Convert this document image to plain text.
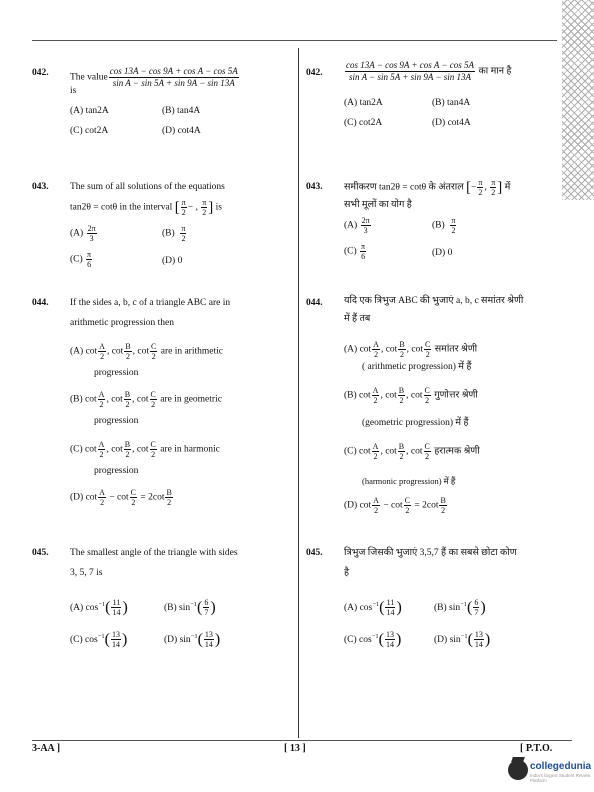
042. The value $\frac{\text{cos 13A − cos 9A + cos A − cos 5A}}{\text{sin A − sin 5A + sin 9A − sin 13A}}$
is
(A) tan2A	(B) tan4A
(C) cot2A	(D) cot4A
042. $\frac{\text{cos 13A − cos 9A + cos A − cos 5A}}{\text{sin A − sin 5A + sin 9A − sin 13A}}$ का मान है
(A) tan2A	(B) tan4A
(C) cot2A	(D) cot4A
043. The sum of all solutions of the equations
tan2θ = cotθ in the interval [ $\frac{\pi}{2}$ − , $\frac{\pi}{2}$ ] is
$(A) \frac{2\pi}{3}$	$(B) \frac{\pi}{2}$
$(C) \frac{\pi}{6}$	(D) 0
043. समीकरण tan2θ = cotθ के अंतराल [− $\frac{\pi}{2}$ , $\frac{\pi}{2}$ ] में
सभी मूलों का योग है
$(A) \frac{2\pi}{3}$	$(B) \frac{\pi}{2}$
$(C) \frac{\pi}{6}$	(D) 0
044. If the sides a, b, c of a triangle ABC are in
arithmetic progression then
(A) $\cot \frac{A}{2}$ , $\cot \frac{B}{2}$ , $\cot \frac{C}{2}$ are in arithmetic
progression
(B) $\cot \frac{A}{2}$ , $\cot \frac{B}{2}$ , $\cot \frac{C}{2}$ are in geometric
progression
(C) $\cot \frac{A}{2}$ , $\cot \frac{B}{2}$ , $\cot \frac{C}{2}$ are in harmonic
progression
(D) $\cot \frac{A}{2} - \cot \frac{C}{2} = 2\cot \frac{B}{2}$
044. यदि एक त्रिभुज ABC की भुजाएं a, b, c समांतर श्रेणी
में हैं तब
(A) $\cot \frac{A}{2}$ , $\cot \frac{B}{2}$ , $\cot \frac{C}{2}$ समांतर श्रेणी
( arithmetic progression) में हैं
(B) $\cot \frac{A}{2}$ , $\cot \frac{B}{2}$ , $\cot \frac{C}{2}$ गुणोत्तर श्रेणी
(geometric progression) में हैं
(C) $\cot \frac{A}{2}$ , $\cot \frac{B}{2}$ , $\cot \frac{C}{2}$ हरात्मक श्रेणी
(harmonic progression) में हैं
(D) $\cot \frac{A}{2} - \cot \frac{C}{2} = 2\cot \frac{B}{2}$
045. The smallest angle of the triangle with sides
3, 5, 7 is
(A) $\cos^{-1}( \frac{11}{14}$ )	(B) $\sin^{-1}( \frac{6}{7}$ )
(C) $\cos^{-1}( \frac{13}{14}$ )	(D) $\sin^{-1}( \frac{13}{14}$ )
045. त्रिभुज जिसकी भुजाएं 3,5,7 हैं का सबसे छोटा कोण
है
(A) $\cos^{-1}( \frac{11}{14}$ )	(B) $\sin^{-1}( \frac{6}{7}$ )
(C) $\cos^{-1}( \frac{13}{14}$ )	(D) $\sin^{-1}( \frac{13}{14}$ )
3-AA ]	[ 13 ]	[ P.T.O.
collegedunia
India's largest Student Review Platform
